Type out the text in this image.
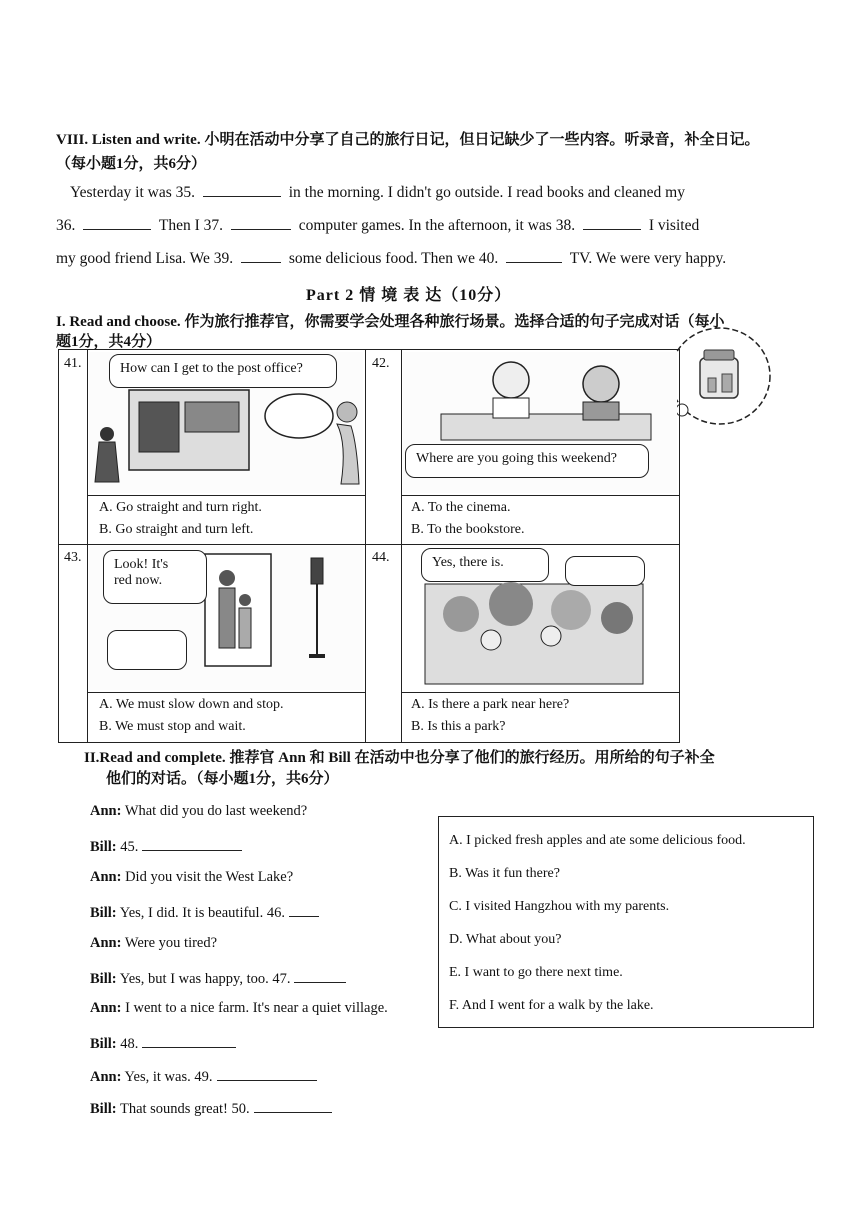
VIII. Listen and write. 小明在活动中分享了自己的旅行日记，但日记缺少了一些内容。听录音，补全日记。
（每小题1分，共6分）
Yesterday it was 35.	in the morning. I didn't go outside. I read books and cleaned my
36.	Then I 37.	computer games. In the afternoon, it was 38.	I visited
my good friend Lisa. We 39.	some delicious food. Then we 40.	TV. We were very happy.
Part 2 情 境 表 达（10分）
I. Read and choose. 作为旅行推荐官，你需要学会处理各种旅行场景。选择合适的句子完成对话（每小
题1分，共4分）
41.	How can I get to the post office?
A. Go straight and turn right.
B. Go straight and turn left.
42.
Where are you going this weekend?
A. To the cinema.
B. To the bookstore.
43. Look! It's
red now.
A. We must slow down and stop.
B. We must stop and wait.
44.	Yes, there is.
A. Is there a park near here?
B. Is this a park?
II.Read and complete. 推荐官 Ann 和 Bill 在活动中也分享了他们的旅行经历。用所给的句子补全
他们的对话。（每小题1分，共6分）
Ann: What did you do last weekend?
Bill: 45.
Ann: Did you visit the West Lake?
Bill: Yes, I did. It is beautiful. 46.
Ann: Were you tired?
Bill: Yes, but I was happy, too. 47.
Ann: I went to a nice farm. It's near a quiet village.
Bill: 48.
Ann: Yes, it was. 49.
Bill: That sounds great! 50.
A. I picked fresh apples and ate some delicious food.
B. Was it fun there?
C. I visited Hangzhou with my parents.
D. What about you?
E. I want to go there next time.
F. And I went for a walk by the lake.
